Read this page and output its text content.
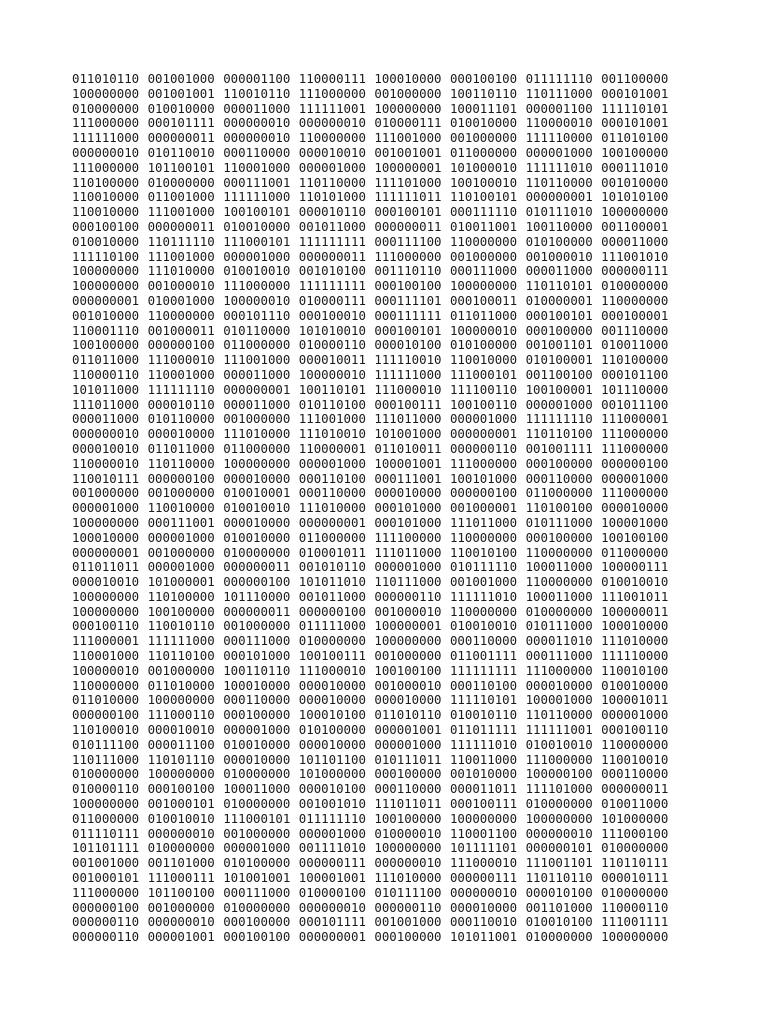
011010110 001001000 000001100 110000111 100010000 000100100 011111110 001100000
100000000 001001001 110010110 111000000 001000000 100110110 110111000 000101001
010000000 010010000 000011000 111111001 100000000 100011101 000001100 111110101
111000000 000101111 000000010 000000010 010000111 010010000 110000010 000101001
111111000 000000011 000000010 110000000 111001000 001000000 111110000 011010100
000000010 010110010 000110000 000010010 001001001 011000000 000001000 100100000
111000000 101100101 110001000 000001000 100000001 101000010 111111010 000111010
110100000 010000000 000111001 110110000 111101000 100100010 110110000 001010000
110010000 011001000 111111000 110101000 111111011 110100101 000000001 101010100
110010000 111001000 100100101 000010110 000100101 000111110 010111010 100000000
000100100 000000011 010010000 001011000 000000011 010011001 100110000 001100001
010010000 110111110 111000101 111111111 000111100 110000000 010100000 000011000
111110100 111001000 000001000 000000011 111000000 001000000 001000010 111001010
100000000 111010000 010010010 001010100 001110110 000111000 000011000 000000111
100000000 001000010 111000000 111111111 000100100 100000000 110110101 010000000
000000001 010001000 100000010 010000111 000111101 000100011 010000001 110000000
001010000 110000000 000101110 000100010 000111111 011011000 000100101 000100001
110001110 001000011 010110000 101010010 000100101 100000010 000100000 001110000
100100000 000000100 011000000 010000110 000010100 010100000 001001101 010011000
011011000 111000010 111001000 000010011 111110010 110010000 010100001 110100000
110000110 110001000 000011000 100000010 111111000 111000101 001100100 000101100
101011000 111111110 000000001 100110101 111000010 111100110 100100001 101110000
111011000 000010110 000011000 010110100 000100111 100100110 000001000 001011100
000011000 010110000 001000000 111001000 111011000 000001000 111111110 111000001
000000010 000010000 111010000 111010010 101001000 000000001 110110100 111000000
000010010 011011000 011000000 110000001 011010011 000000110 001001111 111000000
110000010 110110000 100000000 000001000 100001001 111000000 000100000 000000100
110010111 000000100 000010000 000110100 000111001 100101000 000110000 000001000
001000000 001000000 010010001 000110000 000010000 000000100 011000000 111000000
000001000 110010000 010010010 111010000 000101000 001000001 110100100 000010000
100000000 000111001 000010000 000000001 000101000 111011000 010111000 100001000
100010000 000001000 010010000 011000000 111100000 110000000 000100000 100100100
000000001 001000000 010000000 010001011 111011000 110010100 110000000 011000000
011011011 000001000 000000011 001010110 000001000 010111110 100011000 100000111
000010010 101000001 000000100 101011010 110111000 001001000 110000000 010010010
100000000 110100000 101110000 001011000 000000110 111111010 100011000 111001011
100000000 100100000 000000011 000000100 001000010 110000000 010000000 100000011
000100110 110010110 001000000 011111000 100000001 010010010 010111000 100010000
111000001 111111000 000111000 010000000 100000000 000110000 000011010 111010000
110001000 110110100 000101000 100100111 001000000 011001111 000111000 111110000
100000010 001000000 100110110 111000010 100100100 111111111 111000000 110010100
110000000 011010000 100010000 000010000 001000010 000110100 000010000 010010000
011010000 100000000 000110000 000010000 000010000 111110101 100001000 100001011
000000100 111000110 000100000 100010100 011010110 010010110 110110000 000001000
110100010 000010010 000001000 010100000 000001001 011011111 111111001 000100110
010111100 000011100 010010000 000010000 000001000 111111010 010010010 110000000
110111000 110101110 000010000 101101100 010111011 110011000 111000000 110010010
010000000 100000000 010000000 101000000 000100000 001010000 100000100 000110000
010000110 000100100 100011000 000010100 000110000 000011011 111101000 000000011
100000000 001000101 010000000 001001010 111011011 000100111 010000000 010011000
011000000 010010010 111000101 011111110 100100000 100000000 100000000 101000000
011110111 000000010 001000000 000001000 010000010 110001100 000000010 111000100
101101111 010000000 000001000 001111010 100000000 101111101 000000101 010000000
001001000 001101000 010100000 000000111 000000010 111000010 111001101 110110111
001000101 111000111 101001001 100001001 111010000 000000111 110110110 000010111
111000000 101100100 000111000 010000100 010111100 000000010 000010100 010000000
000000100 001000000 010000000 000000010 000000110 000010000 001101000 110000110
000000110 000000010 000100000 000101111 001001000 000110010 010010100 111001111
000000110 000001001 000100100 000000001 000100000 101011001 010000000 100000000
